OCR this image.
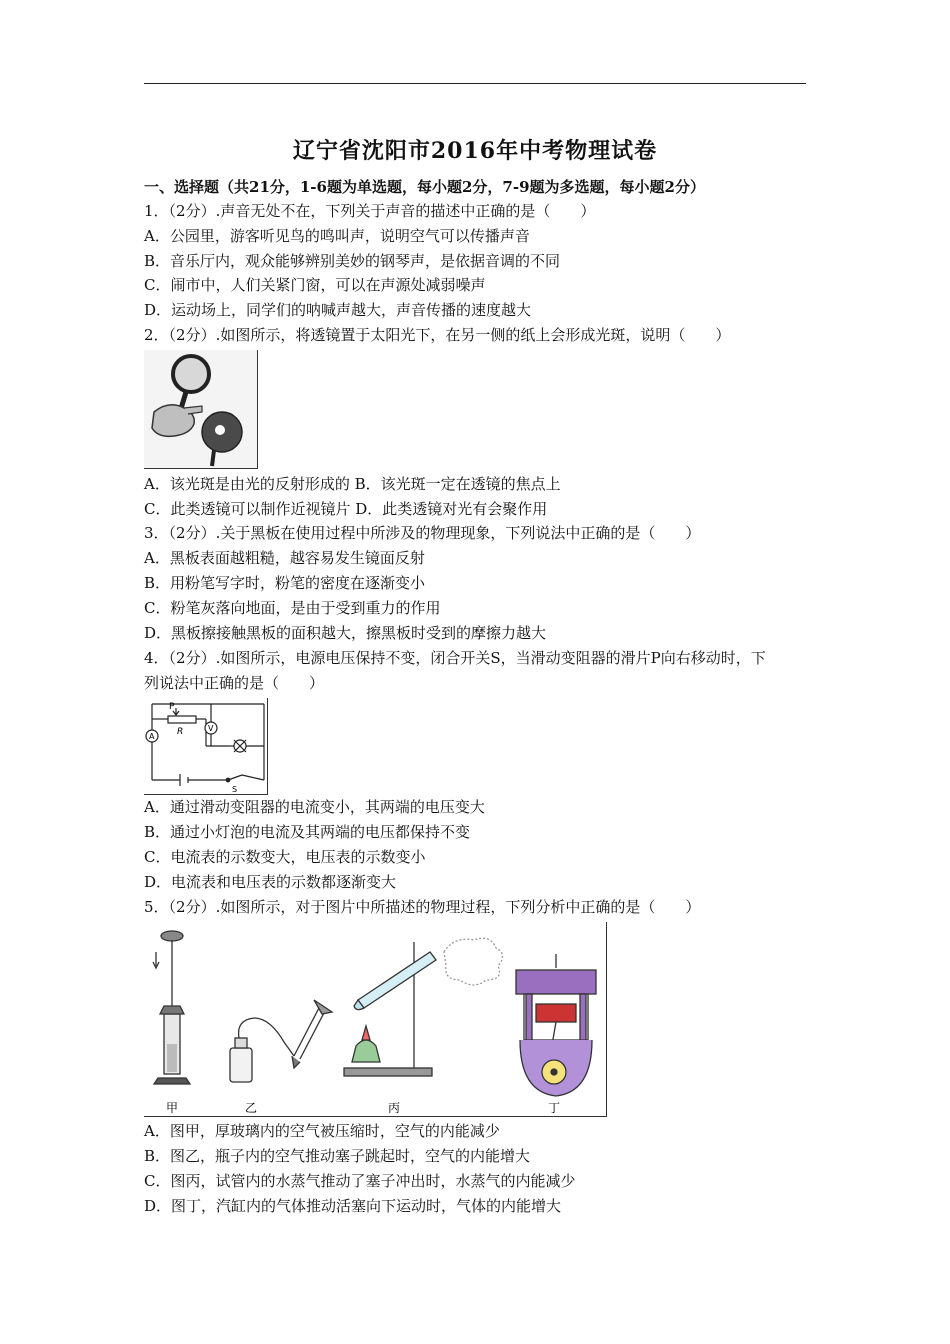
辽宁省沈阳市2016年中考物理试卷
一、选择题（共21分，1-6题为单选题，每小题2分，7-9题为多选题，每小题2分）
1．（2分）.声音无处不在，下列关于声音的描述中正确的是（　　）
A．公园里，游客听见鸟的鸣叫声，说明空气可以传播声音
B．音乐厅内，观众能够辨别美妙的钢琴声，是依据音调的不同
C．闹市中，人们关紧门窗，可以在声源处减弱噪声
D．运动场上，同学们的呐喊声越大，声音传播的速度越大
2．（2分）.如图所示，将透镜置于太阳光下，在另一侧的纸上会形成光斑，说明（　　）
A．该光斑是由光的反射形成的 B．该光斑一定在透镜的焦点上
C．此类透镜可以制作近视镜片 D．此类透镜对光有会聚作用
3．（2分）.关于黑板在使用过程中所涉及的物理现象，下列说法中正确的是（　　）
A．黑板表面越粗糙，越容易发生镜面反射
B．用粉笔写字时，粉笔的密度在逐渐变小
C．粉笔灰落向地面，是由于受到重力的作用
D．黑板擦接触黑板的面积越大，擦黑板时受到的摩擦力越大
4．（2分）.如图所示，电源电压保持不变，闭合开关S，当滑动变阻器的滑片P向右移动时，下
列说法中正确的是（　　）
P
R
A
V
S
A．通过滑动变阻器的电流变小，其两端的电压变大
B．通过小灯泡的电流及其两端的电压都保持不变
C．电流表的示数变大，电压表的示数变小
D．电流表和电压表的示数都逐渐变大
5．（2分）.如图所示，对于图片中所描述的物理过程，下列分析中正确的是（　　）
甲	乙	丙	丁
A．图甲，厚玻璃内的空气被压缩时，空气的内能减少
B．图乙，瓶子内的空气推动塞子跳起时，空气的内能增大
C．图丙，试管内的水蒸气推动了塞子冲出时，水蒸气的内能减少
D．图丁，汽缸内的气体推动活塞向下运动时，气体的内能增大
